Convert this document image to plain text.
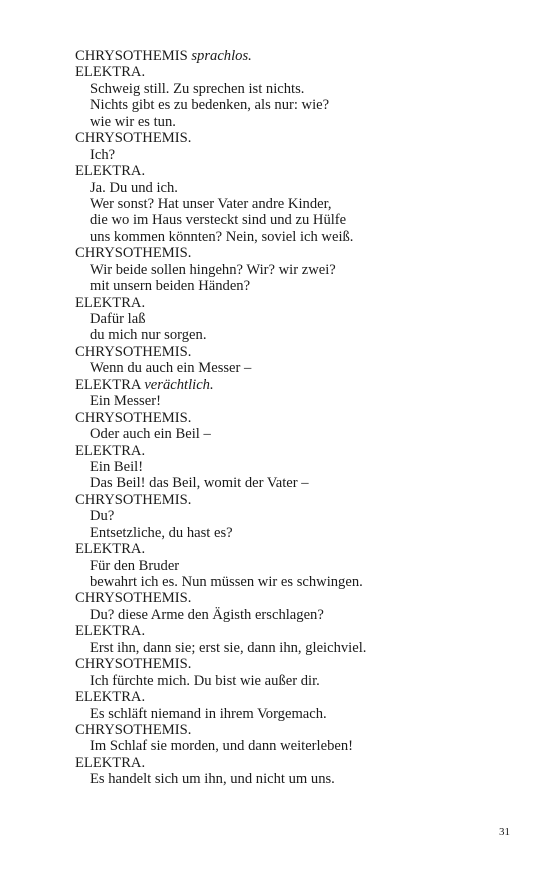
CHRYSOTHEMIS sprachlos.
ELEKTRA.
Schweig still. Zu sprechen ist nichts.
Nichts gibt es zu bedenken, als nur: wie?
wie wir es tun.
CHRYSOTHEMIS.
Ich?
ELEKTRA.
Ja. Du und ich.
Wer sonst? Hat unser Vater andre Kinder,
die wo im Haus versteckt sind und zu Hülfe
uns kommen könnten? Nein, soviel ich weiß.
CHRYSOTHEMIS.
Wir beide sollen hingehn? Wir? wir zwei?
mit unsern beiden Händen?
ELEKTRA.
Dafür laß
du mich nur sorgen.
CHRYSOTHEMIS.
Wenn du auch ein Messer –
ELEKTRA verächtlich.
Ein Messer!
CHRYSOTHEMIS.
Oder auch ein Beil –
ELEKTRA.
Ein Beil!
Das Beil! das Beil, womit der Vater –
CHRYSOTHEMIS.
Du?
Entsetzliche, du hast es?
ELEKTRA.
Für den Bruder
bewahrt ich es. Nun müssen wir es schwingen.
CHRYSOTHEMIS.
Du? diese Arme den Ägisth erschlagen?
ELEKTRA.
Erst ihn, dann sie; erst sie, dann ihn, gleichviel.
CHRYSOTHEMIS.
Ich fürchte mich. Du bist wie außer dir.
ELEKTRA.
Es schläft niemand in ihrem Vorgemach.
CHRYSOTHEMIS.
Im Schlaf sie morden, und dann weiterleben!
ELEKTRA.
Es handelt sich um ihn, und nicht um uns.
31
